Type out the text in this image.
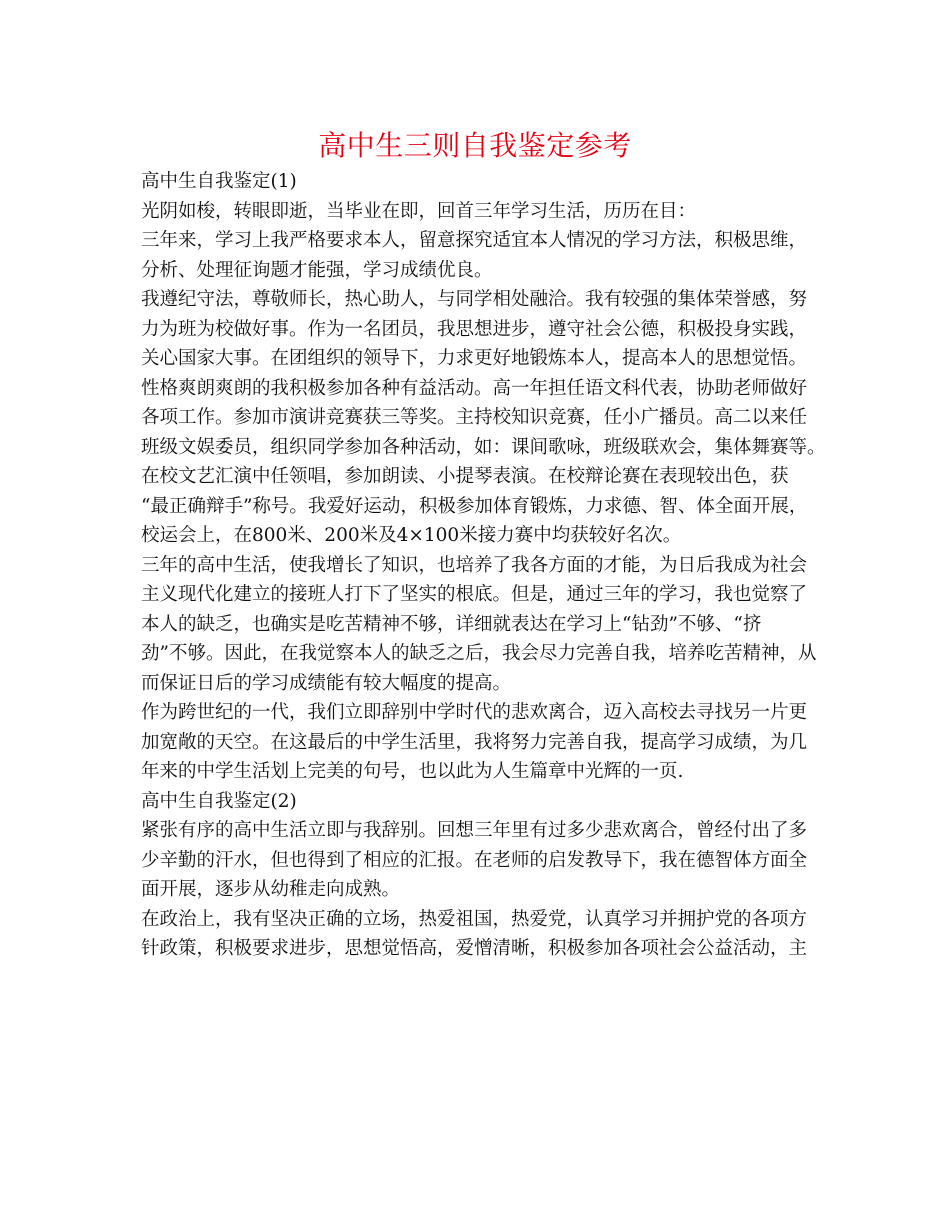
高中生三则自我鉴定参考
高中生自我鉴定(1)
光阴如梭，转眼即逝，当毕业在即，回首三年学习生活，历历在目：
三年来，学习上我严格要求本人，留意探究适宜本人情况的学习方法，积极思维，
分析、处理征询题才能强，学习成绩优良。
我遵纪守法，尊敬师长，热心助人，与同学相处融洽。我有较强的集体荣誉感，努
力为班为校做好事。作为一名团员，我思想进步，遵守社会公德，积极投身实践，
关心国家大事。在团组织的领导下，力求更好地锻炼本人，提高本人的思想觉悟。
性格爽朗爽朗的我积极参加各种有益活动。高一年担任语文科代表，协助老师做好
各项工作。参加市演讲竞赛获三等奖。主持校知识竞赛，任小广播员。高二以来任
班级文娱委员，组织同学参加各种活动，如：课间歌咏，班级联欢会，集体舞赛等。
在校文艺汇演中任领唱，参加朗读、小提琴表演。在校辩论赛在表现较出色，获
“最正确辩手”称号。我爱好运动，积极参加体育锻炼，力求德、智、体全面开展，
校运会上，在800米、200米及4×100米接力赛中均获较好名次。
三年的高中生活，使我增长了知识，也培养了我各方面的才能，为日后我成为社会
主义现代化建立的接班人打下了坚实的根底。但是，通过三年的学习，我也觉察了
本人的缺乏，也确实是吃苦精神不够，详细就表达在学习上“钻劲”不够、“挤
劲”不够。因此，在我觉察本人的缺乏之后，我会尽力完善自我，培养吃苦精神，从
而保证日后的学习成绩能有较大幅度的提高。
作为跨世纪的一代，我们立即辞别中学时代的悲欢离合，迈入高校去寻找另一片更
加宽敞的天空。在这最后的中学生活里，我将努力完善自我，提高学习成绩，为几
年来的中学生活划上完美的句号，也以此为人生篇章中光辉的一页.
高中生自我鉴定(2)
紧张有序的高中生活立即与我辞别。回想三年里有过多少悲欢离合，曾经付出了多
少辛勤的汗水，但也得到了相应的汇报。在老师的启发教导下，我在德智体方面全
面开展，逐步从幼稚走向成熟。
在政治上，我有坚决正确的立场，热爱祖国，热爱党，认真学习并拥护党的各项方
针政策，积极要求进步，思想觉悟高，爱憎清晰，积极参加各项社会公益活动，主
